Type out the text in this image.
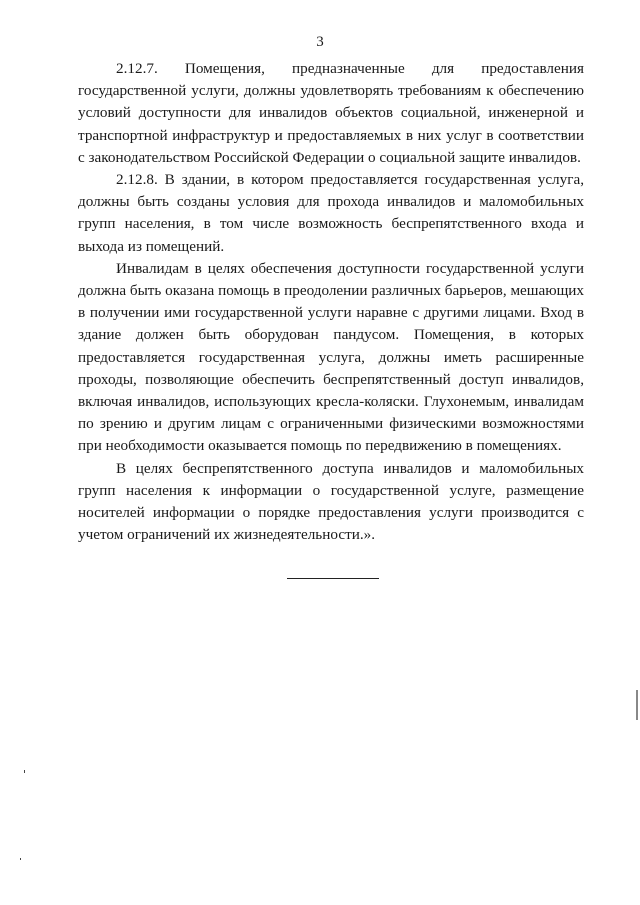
3

2.12.7. Помещения, предназначенные для предоставления государственной услуги, должны удовлетворять требованиям к обеспечению условий доступности для инвалидов объектов социальной, инженерной и транспортной инфраструктур и предоставляемых в них услуг в соответствии с законодательством Российской Федерации о социальной защите инвалидов.

2.12.8. В здании, в котором предоставляется государственная услуга, должны быть созданы условия для прохода инвалидов и маломобильных групп населения, в том числе возможность беспрепятственного входа и выхода из помещений.

Инвалидам в целях обеспечения доступности государственной услуги должна быть оказана помощь в преодолении различных барьеров, мешающих в получении ими государственной услуги наравне с другими лицами. Вход в здание должен быть оборудован пандусом. Помещения, в которых предоставляется государственная услуга, должны иметь расширенные проходы, позволяющие обеспечить беспрепятственный доступ инвалидов, включая инвалидов, использующих кресла-коляски. Глухонемым, инвалидам по зрению и другим лицам с ограниченными физическими возможностями при необходимости оказывается помощь по передвижению в помещениях.

В целях беспрепятственного доступа инвалидов и маломобильных групп населения к информации о государственной услуге, размещение носителей информации о порядке предоставления услуги производится с учетом ограничений их жизнедеятельности.».
